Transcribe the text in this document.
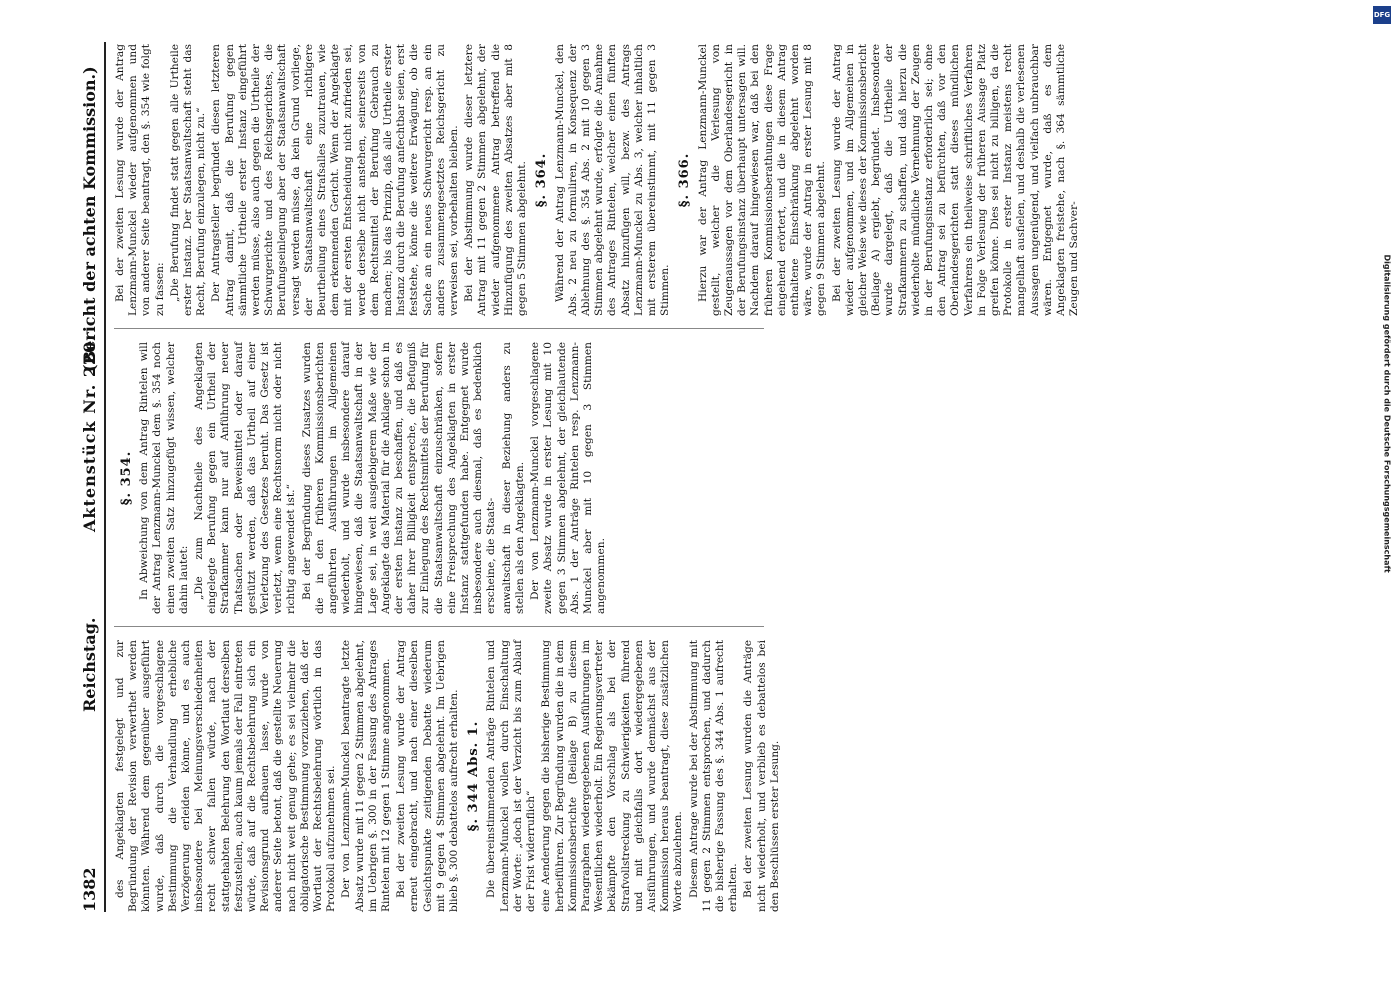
1382
Reichstag.
Aktenstück Nr. 220.
(Bericht der achten Kommission.)

des Angeklagten festgelegt und zur Begründung der Revision verwerthet werden könnten. Während dem gegenüber ausgeführt wurde, daß durch die vorgeschlagene Bestimmung die Verhandlung erhebliche Verzögerung erleiden könne, und es auch insbesondere bei Meinungsverschiedenheiten recht schwer fallen würde, nach der stattgehabten Belehrung den Wortlaut derselben festzustellen, auch kaum jemals der Fall eintreten würde, daß auf die Rechtsbelehrung sich ein Revisionsgrund aufbauen lasse, wurde von anderer Seite betont, daß die gestellte Neuerung nach nicht weit genug gehe; es sei vielmehr die obligatorische Bestimmung vorzuziehen, daß der Wortlaut der Rechtsbelehrung wörtlich in das Protokoll aufzunehmen sei. Der von Lenzmann-Munckel beantragte letzte Absatz wurde mit 11 gegen 2 Stimmen abgelehnt, im Uebrigen §. 300 in der Fassung des Antrages Rintelen mit 12 gegen 1 Stimme angenommen. Bei der zweiten Lesung wurde der Antrag erneut eingebracht, und nach einer dieselben Gesichtspunkte zeitigenden Debatte wiederum mit 9 gegen 4 Stimmen abgelehnt. Im Uebrigen blieb §. 300 debattelos aufrecht erhalten. §. 344 Abs. 1. Die übereinstimmenden Anträge Rintelen und Lenzmann-Munckel wollen durch Einschaltung der Worte: „doch ist der Verzicht bis zum Ablauf der Frist widerruflich“ eine Aenderung gegen die bisherige Bestimmung herbeiführen. Zur Begründung wurden die in dem Kommissionsberichte (Beilage B) zu diesem Paragraphen wiedergegebenen Ausführungen im Wesentlichen wiederholt. Ein Regierungsvertreter bekämpfte den Vorschlag als bei der Strafvollstreckung zu Schwierigkeiten führend und mit gleichfalls dort wiedergegebenen Ausführungen, und wurde demnächst aus der Kommission heraus beantragt, diese zusätzlichen Worte abzulehnen. Diesem Antrage wurde bei der Abstimmung mit 11 gegen 2 Stimmen entsprochen, und dadurch die bisherige Fassung des §. 344 Abs. 1 aufrecht erhalten. Bei der zweiten Lesung wurden die Anträge nicht wiederholt, und verblieb es debattelos bei den Beschlüssen erster Lesung.

§. 354. In Abweichung von dem Antrag Rintelen will der Antrag Lenzmann-Munckel dem §. 354 noch einen zweiten Satz hinzugefügt wissen, welcher dahin lautet: „Die zum Nachtheile des Angeklagten eingelegte Berufung gegen ein Urtheil der Strafkammer kann nur auf Anführung neuer Thatsachen oder Beweismittel oder darauf gestützt werden, daß das Urtheil auf einer Verletzung des Gesetzes beruht. Das Gesetz ist verletzt, wenn eine Rechtsnorm nicht oder nicht richtig angewendet ist.“ Bei der Begründung dieses Zusatzes wurden die in den früheren Kommissionsberichten angeführten Ausführungen im Allgemeinen wiederholt, und wurde insbesondere darauf hingewiesen, daß die Staatsanwaltschaft in der Lage sei, in weit ausgiebigerem Maße wie der Angeklagte das Material für die Anklage schon in der ersten Instanz zu beschaffen, und daß es daher ihrer Billigkeit entspreche, die Befugniß zur Einlegung des Rechtsmittels der Berufung für die Staatsanwaltschaft einzuschränken, sofern eine Freisprechung des Angeklagten in erster Instanz stattgefunden habe. Entgegnet wurde insbesondere auch diesmal, daß es bedenklich erscheine, die Staats- anwaltschaft in dieser Beziehung anders zu stellen als den Angeklagten. Der von Lenzmann-Munckel vorgeschlagene zweite Absatz wurde in erster Lesung mit 10 gegen 3 Stimmen abgelehnt, der gleichlautende Abs. 1 der Anträge Rintelen resp. Lenzmann-Munckel aber mit 10 gegen 3 Stimmen angenommen.

Bei der zweiten Lesung wurde der Antrag Lenzmann-Munckel wieder aufgenommen und von anderer Seite beantragt, den §. 354 wie folgt zu fassen: „Die Berufung findet statt gegen alle Urtheile erster Instanz. Der Staatsanwaltschaft steht das Recht, Berufung einzulegen, nicht zu.“ Der Antragsteller begründet diesen letzteren Antrag damit, daß die Berufung gegen sämmtliche Urtheile erster Instanz eingeführt werden müsse, also auch gegen die Urtheile der Schwurgerichte und des Reichsgerichtes, die Berufungseinlegung aber der Staatsanwaltschaft versagt werden müsse, da kein Grund vorliege, der Staatsanwaltschaft eine richtigere Beurtheilung eines Strafsalles zuzutrauen, wie dem erkennenden Gericht. Wenn der Angeklagte mit der ersten Entscheidung nicht zufrieden sei, werde derselbe nicht anstehen, seinerseits von dem Rechtsmittel der Berufung Gebrauch zu machen; bis das Prinzip, daß alle Urtheile erster Instanz durch die Berufung anfechtbar seien, erst feststehe, könne die weitere Erwägung, ob die Sache an ein neues Schwurgericht resp. an ein anders zusammengesetztes Reichsgericht zu verweisen sei, vorbehalten bleiben. Bei der Abstimmung wurde dieser letztere Antrag mit 11 gegen 2 Stimmen abgelehnt, der wieder aufgenommene Antrag betreffend die Hinzufügung des zweiten Absatzes aber mit 8 gegen 5 Stimmen abgelehnt. §. 364. Während der Antrag Lenzmann-Munckel, den Abs. 2 neu zu formuliren, in Konsequenz der Ablehnung des §. 354 Abs. 2 mit 10 gegen 3 Stimmen abgelehnt wurde, erfolgte die Annahme des Antrages Rintelen, welcher einen fünften Absatz hinzufügen will, bezw. des Antrags Lenzmann-Munckel zu Abs. 3, welcher inhaltlich mit ersterem übereinstimmt, mit 11 gegen 3 Stimmen.

§. 366. Hierzu war der Antrag Lenzmann-Munckel gestellt, welcher die Verlesung von Zeugenaussagen vor dem Oberlandesgericht in der Berufungsinstanz überhaupt untersagen will. Nachdem darauf hingewiesen war, daß bei den früheren Kommissionsberathungen diese Frage eingehend erörtert, und die in diesem Antrag enthaltene Einschränkung abgelehnt worden wäre, wurde der Antrag in erster Lesung mit 8 gegen 9 Stimmen abgelehnt. Bei der zweiten Lesung wurde der Antrag wieder aufgenommen, und im Allgemeinen in gleicher Weise wie dieses der Kommissionsbericht (Beilage A) ergiebt, begründet. Insbesondere wurde dargelegt, daß die Urtheile der Strafkammern zu schaffen, und daß hierzu die wiederholte mündliche Vernehmung der Zeugen in der Berufungsinstanz erforderlich sei; ohne den Antrag sei zu befürchten, daß vor den Oberlandesgerichten statt dieses mündlichen Verfahrens ein theilweise schriftliches Verfahren in Folge Verlesung der früheren Aussage Platz greifen könne. Dies sei nicht zu billigen, da die Protokolle in erster Instanz meistens recht mangelhaft ausfielen, und deshalb die verlesenen Aussagen ungenügend, und vielfach unbrauchbar wären. Entgegnet wurde, daß es dem Angeklagten freistehe, nach §. 364 sämmtliche Zeugen und Sachver-

DFG
Digitalisierung gefördert durch die Deutsche Forschungsgemeinschaft
